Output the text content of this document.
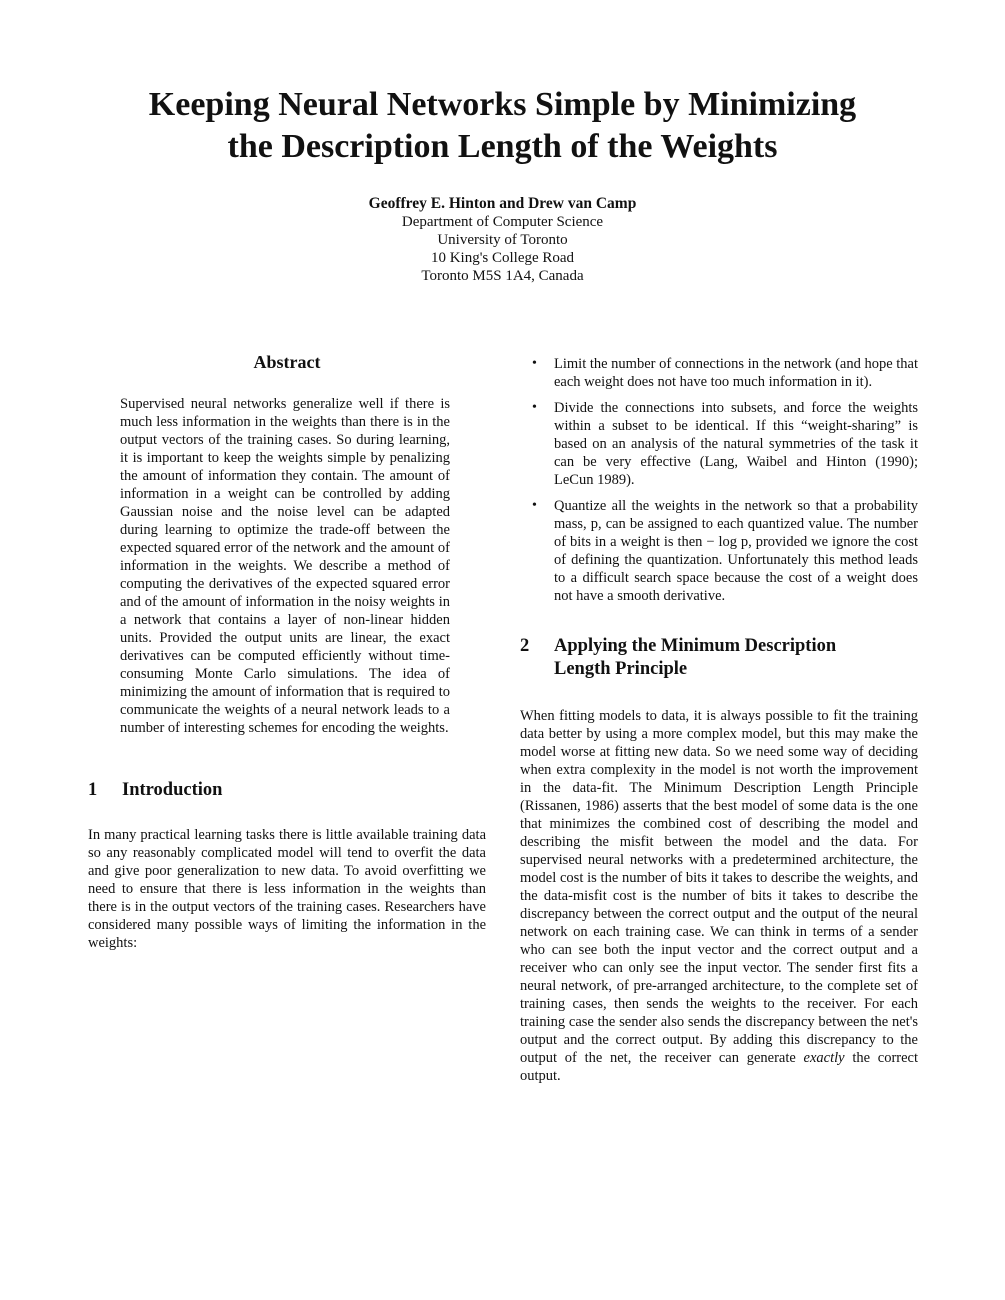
Keeping Neural Networks Simple by Minimizing
the Description Length of the Weights
Geoffrey E. Hinton and Drew van Camp
Department of Computer Science
University of Toronto
10 King's College Road
Toronto M5S 1A4, Canada
Abstract

Supervised neural networks generalize well if there is much less information in the weights than there is in the output vectors of the training cases. So during learning, it is important to keep the weights simple by penalizing the amount of information they contain. The amount of information in a weight can be controlled by adding Gaussian noise and the noise level can be adapted during learning to optimize the trade-off between the expected squared error of the network and the amount of information in the weights. We describe a method of computing the derivatives of the expected squared error and of the amount of information in the noisy weights in a network that contains a layer of non-linear hidden units. Provided the output units are linear, the exact derivatives can be computed efficiently without time-consuming Monte Carlo simulations. The idea of minimizing the amount of information that is required to communicate the weights of a neural network leads to a number of interesting schemes for encoding the weights.

1	Introduction

In many practical learning tasks there is little available training data so any reasonably complicated model will tend to overfit the data and give poor generalization to new data. To avoid overfitting we need to ensure that there is less information in the weights than there is in the output vectors of the training cases. Researchers have considered many possible ways of limiting the information in the weights:

• Limit the number of connections in the network (and hope that each weight does not have too much information in it).
• Divide the connections into subsets, and force the weights within a subset to be identical. If this “weight-sharing” is based on an analysis of the natural symmetries of the task it can be very effective (Lang, Waibel and Hinton (1990); LeCun 1989).
• Quantize all the weights in the network so that a probability mass, p, can be assigned to each quantized value. The number of bits in a weight is then − log p, provided we ignore the cost of defining the quantization. Unfortunately this method leads to a difficult search space because the cost of a weight does not have a smooth derivative.
2	Applying the Minimum Description
Length Principle

When fitting models to data, it is always possible to fit the training data better by using a more complex model, but this may make the model worse at fitting new data. So we need some way of deciding when extra complexity in the model is not worth the improvement in the data-fit. The Minimum Description Length Principle (Rissanen, 1986) asserts that the best model of some data is the one that minimizes the combined cost of describing the model and describing the misfit between the model and the data. For supervised neural networks with a predetermined architecture, the model cost is the number of bits it takes to describe the weights, and the data-misfit cost is the number of bits it takes to describe the discrepancy between the correct output and the output of the neural network on each training case. We can think in terms of a sender who can see both the input vector and the correct output and a receiver who can only see the input vector. The sender first fits a neural network, of pre-arranged architecture, to the complete set of training cases, then sends the weights to the receiver. For each training case the sender also sends the discrepancy between the net's output and the correct output. By adding this discrepancy to the output of the net, the receiver can generate exactly the correct output.
